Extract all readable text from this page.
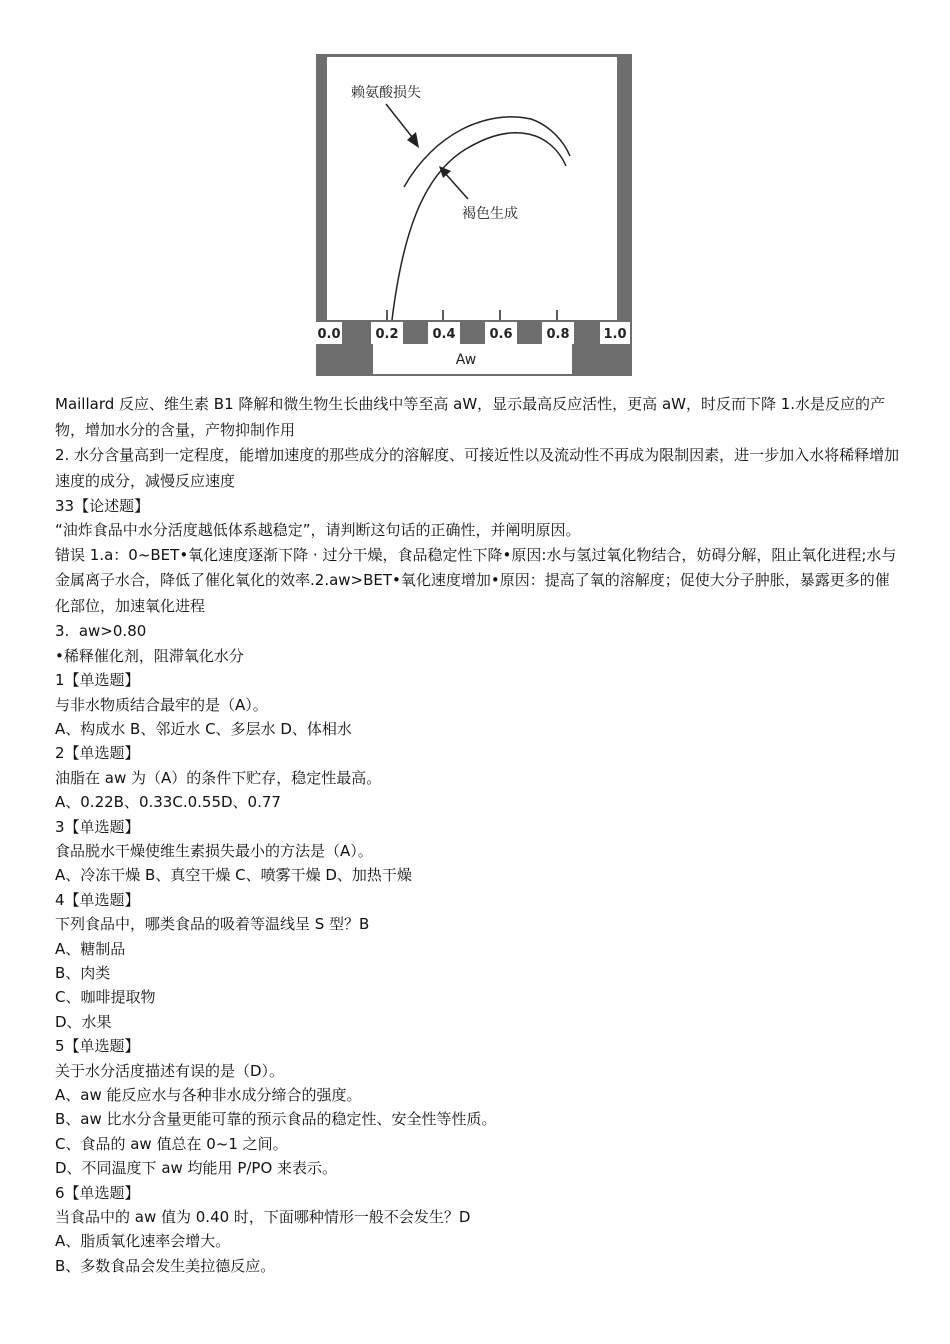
赖氨酸损失
褐色生成
0.0	0.2	0.4	0.6	0.8	1.0
Aw

Maillard 反应、维生素 B1 降解和微生物生长曲线中等至高 aW，显示最高反应活性，更高 aW，时反而下降 1.水是反应的产物，增加水分的含量，产物抑制作用

2. 水分含量高到一定程度，能增加速度的那些成分的溶解度、可接近性以及流动性不再成为限制因素，进一步加入水将稀释增加速度的成分，减慢反应速度

33【论述题】

“油炸食品中水分活度越低体系越稳定”，请判断这句话的正确性，并阐明原因。

错误 1.a：0~BET•氧化速度逐渐下降 · 过分干燥，食品稳定性下降•原因:水与氢过氧化物结合，妨碍分解，阻止氧化进程;水与金属离子水合，降低了催化氧化的效率.2.aw>BET•氧化速度增加•原因：提高了氧的溶解度；促使大分子肿胀，暴露更多的催化部位，加速氧化进程

3.  aw>0.80

•稀释催化剂，阻滞氧化水分

1【单选题】

与非水物质结合最牢的是（A）。

A、构成水 B、邻近水 C、多层水 D、体相水

2【单选题】

油脂在 aw 为（A）的条件下贮存，稳定性最高。

A、0.22B、0.33C.0.55D、0.77

3【单选题】

食品脱水干燥使维生素损失最小的方法是（A）。

A、冷冻干燥 B、真空干燥 C、喷雾干燥 D、加热干燥

4【单选题】

下列食品中，哪类食品的吸着等温线呈 S 型？B

A、糖制品

B、肉类

C、咖啡提取物

D、水果

5【单选题】

关于水分活度描述有误的是（D）。

A、aw 能反应水与各种非水成分缔合的强度。

B、aw 比水分含量更能可靠的预示食品的稳定性、安全性等性质。

C、食品的 aw 值总在 0~1 之间。

D、不同温度下 aw 均能用 P/PO 来表示。

6【单选题】

当食品中的 aw 值为 0.40 时，下面哪种情形一般不会发生？D

A、脂质氧化速率会增大。

B、多数食品会发生美拉德反应。
